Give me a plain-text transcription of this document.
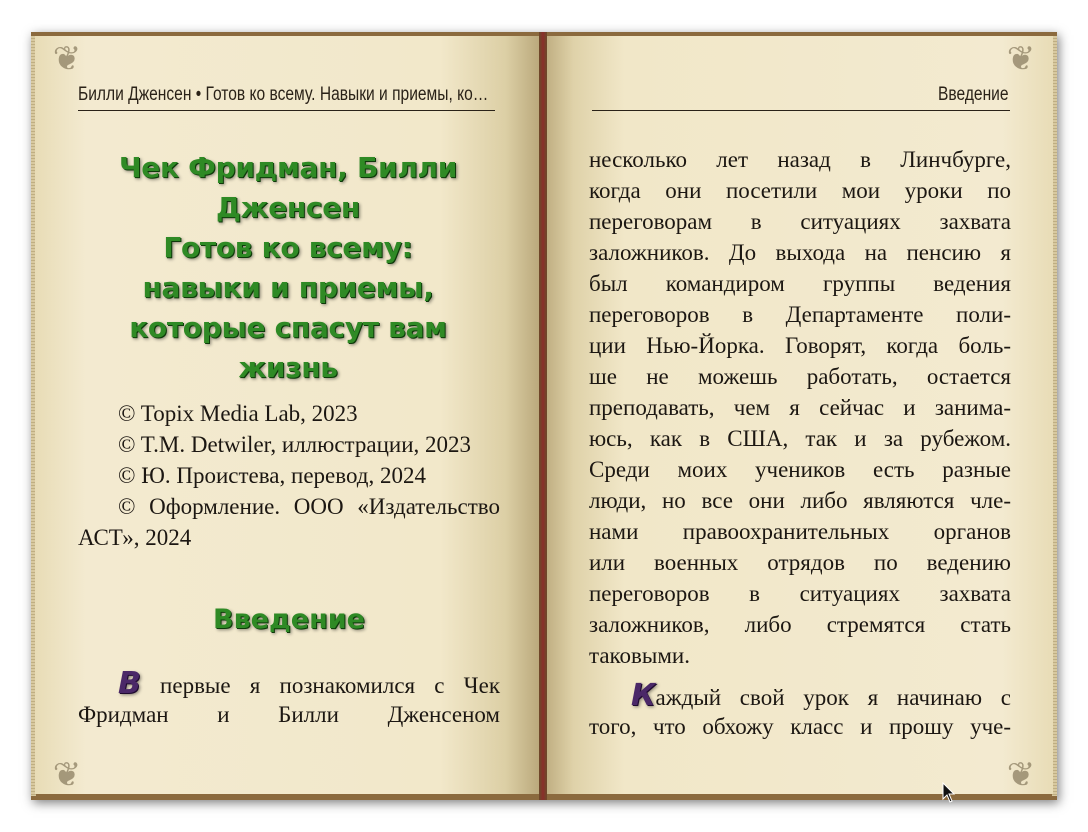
❦
❦
❦
❦
Билли Дженсен • Готов ко всему. Навыки и приемы, ко…	Введение
Чек Фридман, Билли
Дженсен
Готов ко всему:
навыки и приемы,
которые спасут вам
жизнь

© Topix Media Lab, 2023

© T.M. Detwiler, иллюстрации, 2023

© Ю. Проистева, перевод, 2024

© Оформление. ООО «Издательство АСТ», 2024

Введение
В первые я познакомился с Чек
Фридман и Билли Дженсеном
несколько лет назад в Линчбурге,
когда они посетили мои уроки по
переговорам в ситуациях захвата
заложников. До выхода на пенсию я
был командиром группы ведения
переговоров в Департаменте поли-
ции Нью-Йорка. Говорят, когда боль-
ше не можешь работать, остается
преподавать, чем я сейчас и занима-
юсь, как в США, так и за рубежом.
Среди моих учеников есть разные
люди, но все они либо являются чле-
нами правоохранительных органов
или военных отрядов по ведению
переговоров в ситуациях захвата
заложников, либо стремятся стать
таковыми.
Каждый свой урок я начинаю с
того, что обхожу класс и прошу уче-
